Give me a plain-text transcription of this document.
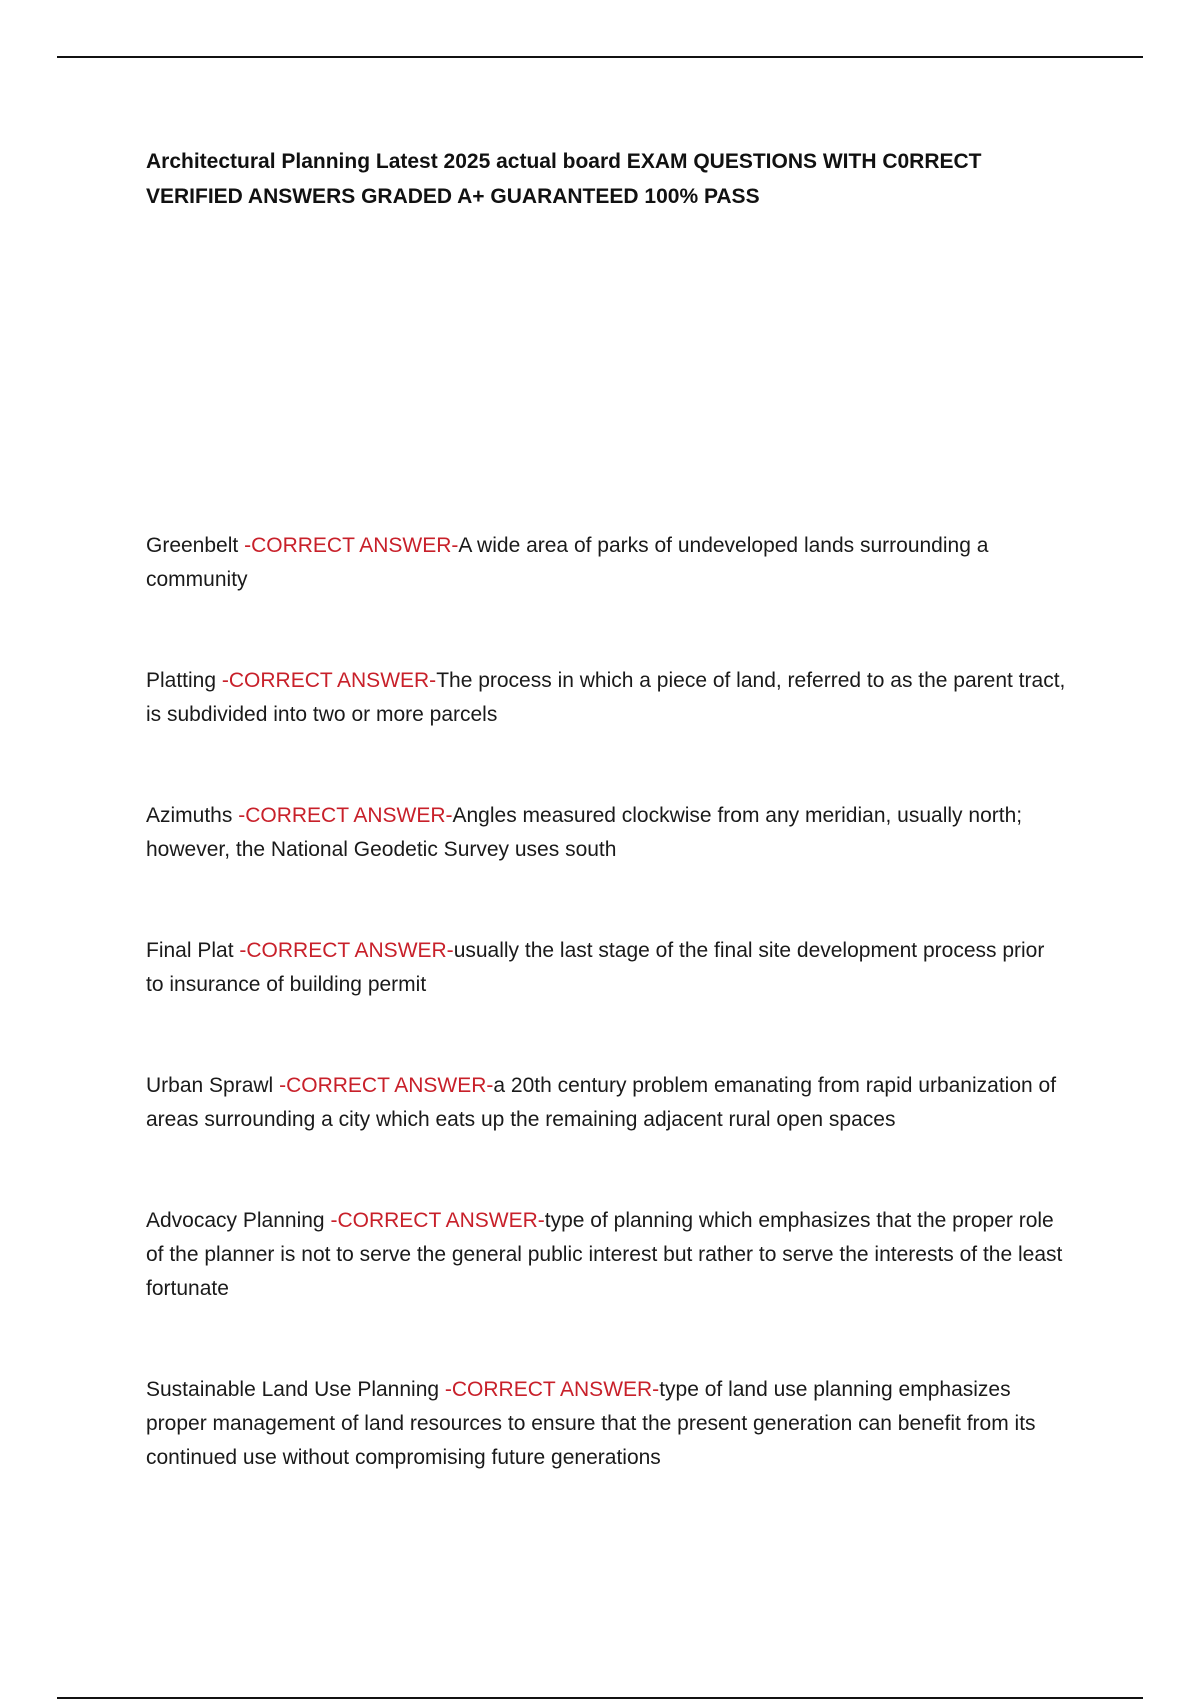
Architectural Planning Latest 2025 actual board EXAM QUESTIONS WITH C0RRECT VERIFIED ANSWERS GRADED A+ GUARANTEED 100% PASS

Greenbelt -CORRECT ANSWER-A wide area of parks of undeveloped lands surrounding a community

Platting -CORRECT ANSWER-The process in which a piece of land, referred to as the parent tract, is subdivided into two or more parcels

Azimuths -CORRECT ANSWER-Angles measured clockwise from any meridian, usually north; however, the National Geodetic Survey uses south

Final Plat -CORRECT ANSWER-usually the last stage of the final site development process prior to insurance of building permit

Urban Sprawl -CORRECT ANSWER-a 20th century problem emanating from rapid urbanization of areas surrounding a city which eats up the remaining adjacent rural open spaces

Advocacy Planning -CORRECT ANSWER-type of planning which emphasizes that the proper role of the planner is not to serve the general public interest but rather to serve the interests of the least fortunate

Sustainable Land Use Planning -CORRECT ANSWER-type of land use planning emphasizes proper management of land resources to ensure that the present generation can benefit from its continued use without compromising future generations
